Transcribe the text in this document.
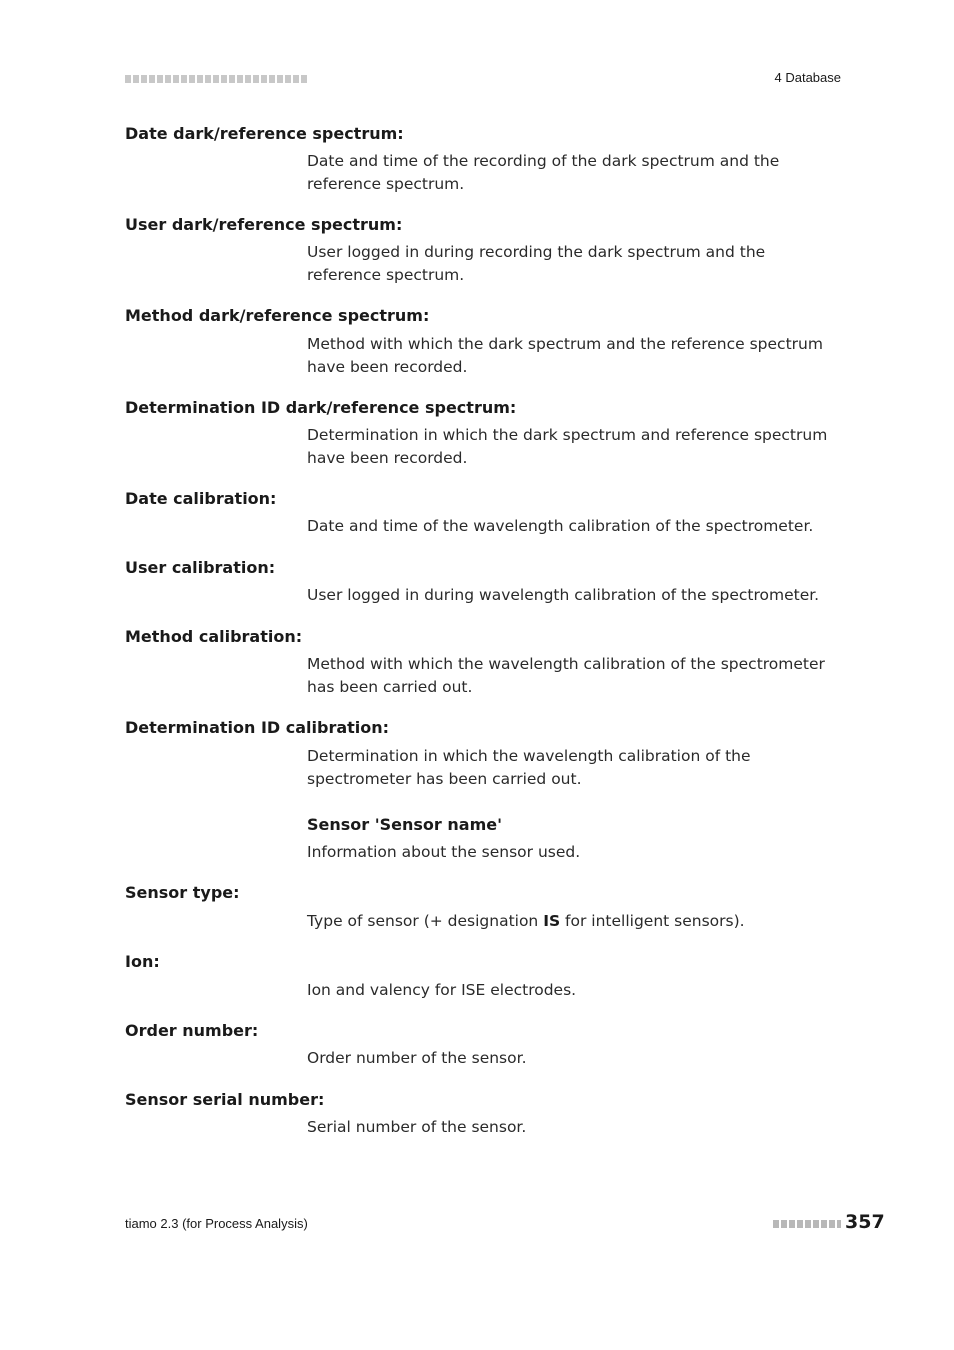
4 Database
Date dark/reference spectrum:
Date and time of the recording of the dark spectrum and the reference spectrum.
User dark/reference spectrum:
User logged in during recording the dark spectrum and the reference spectrum.
Method dark/reference spectrum:
Method with which the dark spectrum and the reference spectrum have been recorded.
Determination ID dark/reference spectrum:
Determination in which the dark spectrum and reference spectrum have been recorded.
Date calibration:
Date and time of the wavelength calibration of the spectrometer.
User calibration:
User logged in during wavelength calibration of the spectrometer.
Method calibration:
Method with which the wavelength calibration of the spectrometer has been carried out.
Determination ID calibration:
Determination in which the wavelength calibration of the spectrometer has been carried out.
Sensor 'Sensor name'
Information about the sensor used.
Sensor type:
Type of sensor (+ designation IS for intelligent sensors).
Ion:
Ion and valency for ISE electrodes.
Order number:
Order number of the sensor.
Sensor serial number:
Serial number of the sensor.
tiamo 2.3 (for Process Analysis)	357
